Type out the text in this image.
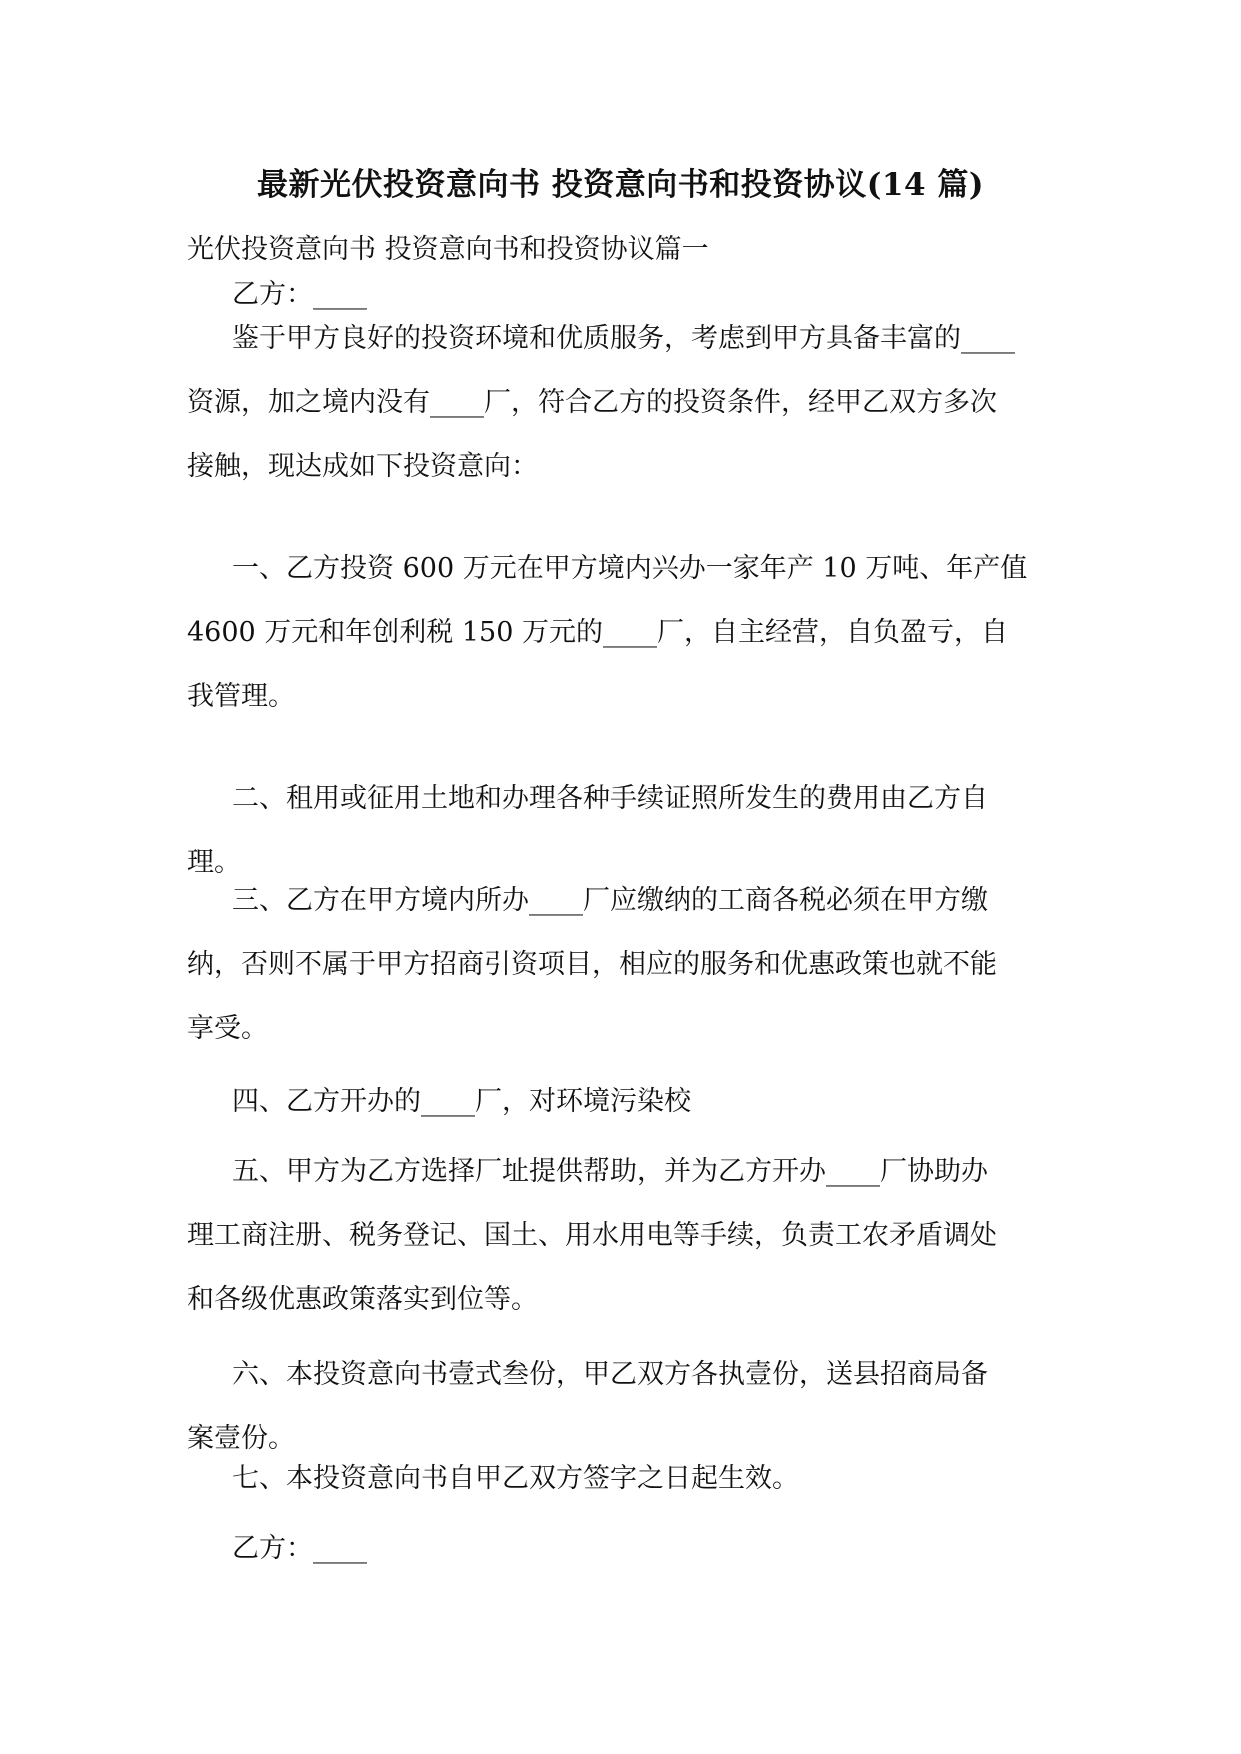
最新光伏投资意向书 投资意向书和投资协议(14 篇)
光伏投资意向书 投资意向书和投资协议篇一
乙方：____
鉴于甲方良好的投资环境和优质服务，考虑到甲方具备丰富的____
资源，加之境内没有____厂，符合乙方的投资条件，经甲乙双方多次
接触，现达成如下投资意向：
一、乙方投资 600 万元在甲方境内兴办一家年产 10 万吨、年产值
4600 万元和年创利税 150 万元的____厂，自主经营，自负盈亏，自
我管理。
二、租用或征用土地和办理各种手续证照所发生的费用由乙方自
理。
三、乙方在甲方境内所办____厂应缴纳的工商各税必须在甲方缴
纳，否则不属于甲方招商引资项目，相应的服务和优惠政策也就不能
享受。
四、乙方开办的____厂，对环境污染校
五、甲方为乙方选择厂址提供帮助，并为乙方开办____厂协助办
理工商注册、税务登记、国土、用水用电等手续，负责工农矛盾调处
和各级优惠政策落实到位等。
六、本投资意向书壹式叁份，甲乙双方各执壹份，送县招商局备
案壹份。
七、本投资意向书自甲乙双方签字之日起生效。
乙方：____
